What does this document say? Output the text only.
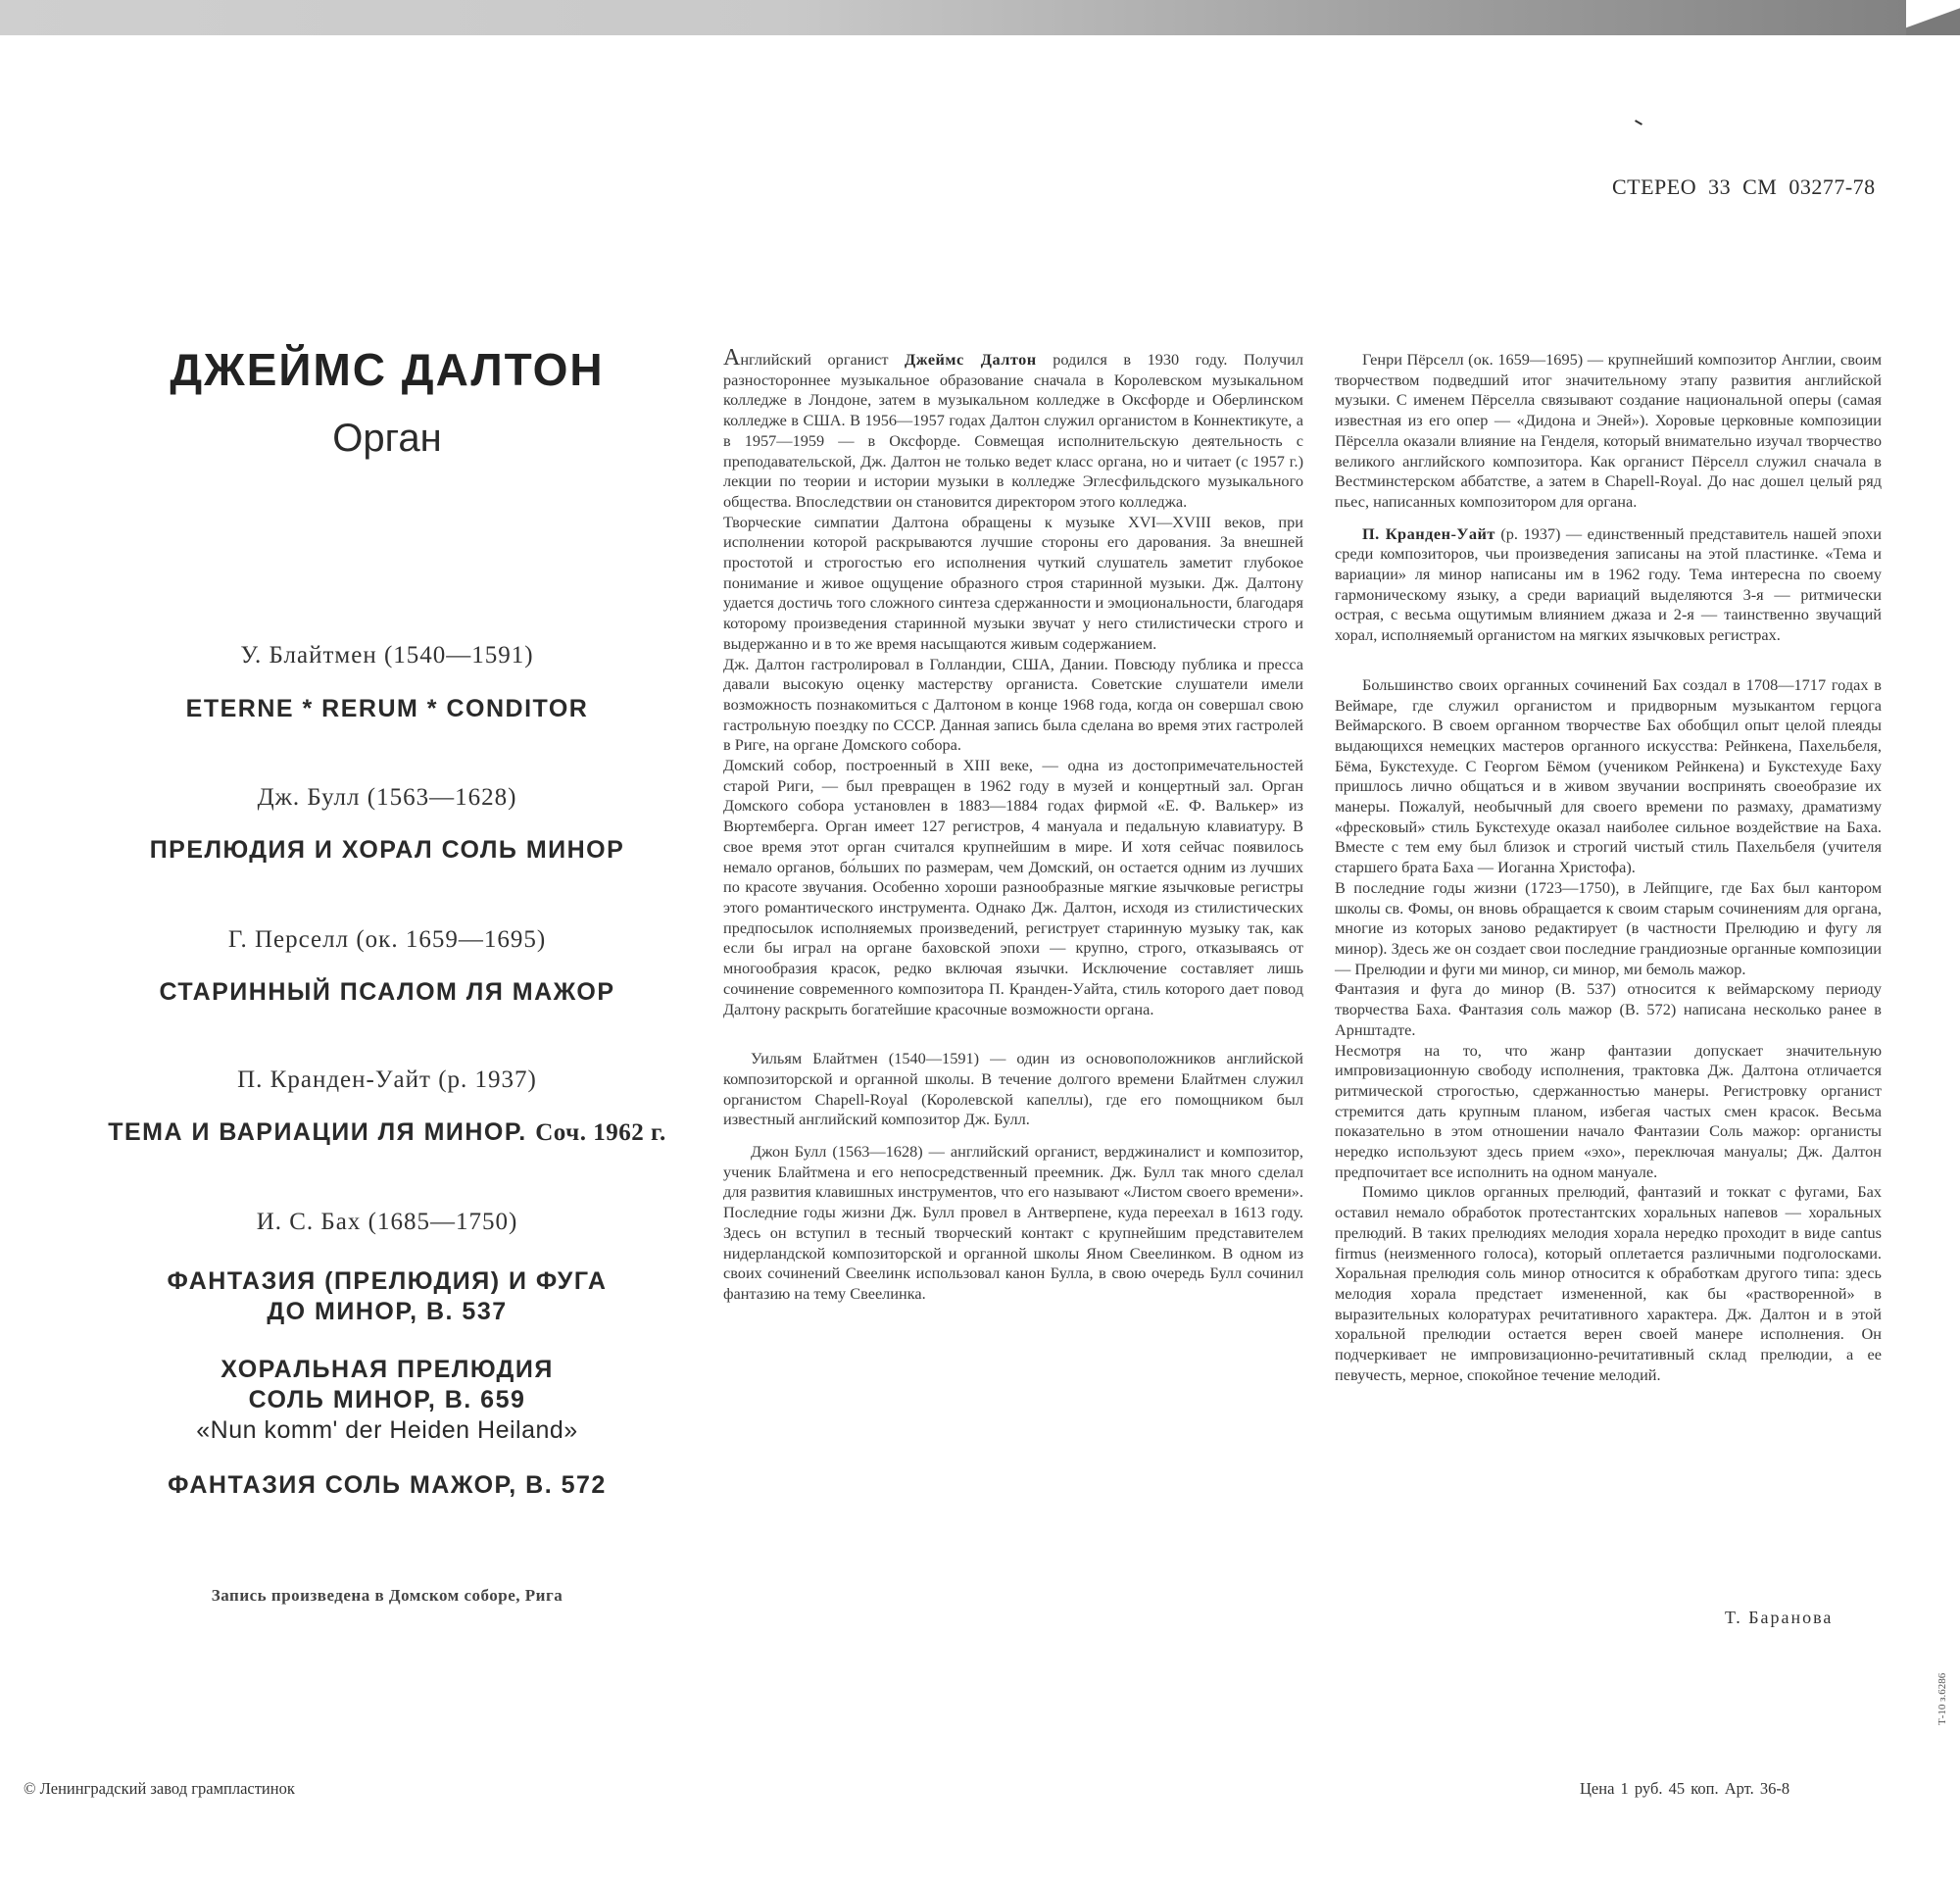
СТЕРЕО 33 СМ 03277-78
ДЖЕЙМС ДАЛТОН
Орган
У. Блайтмен (1540—1591)
ETERNE * RERUM * CONDITOR
Дж. Булл (1563—1628)
ПРЕЛЮДИЯ И ХОРАЛ СОЛЬ МИНОР
Г. Перселл (ок. 1659—1695)
СТАРИННЫЙ ПСАЛОМ ЛЯ МАЖОР
П. Кранден-Уайт (р. 1937)
ТЕМА И ВАРИАЦИИ ЛЯ МИНОР. Соч. 1962 г.
И. С. Бах (1685—1750)
ФАНТАЗИЯ (ПРЕЛЮДИЯ) И ФУГА
ДО МИНОР, В. 537
ХОРАЛЬНАЯ ПРЕЛЮДИЯ
СОЛЬ МИНОР, В. 659
«Nun komm' der Heiden Heiland»
ФАНТАЗИЯ СОЛЬ МАЖОР, В. 572
Запись произведена в Домском соборе, Рига

Английский органист Джеймс Далтон родился в 1930 году. Получил разностороннее музыкальное образование сначала в Королевском музыкальном колледже в Лондоне, затем в музыкальном колледже в Оксфорде и Оберлинском колледже в США. В 1956—1957 годах Далтон служил органистом в Коннектикуте, а в 1957—1959 — в Оксфорде. Совмещая исполнительскую деятельность с преподавательской, Дж. Далтон не только ведет класс органа, но и читает (с 1957 г.) лекции по теории и истории музыки в колледже Эглесфильдского музыкального общества. Впоследствии он становится директором этого колледжа.

Творческие симпатии Далтона обращены к музыке XVI—XVIII веков, при исполнении которой раскрываются лучшие стороны его дарования. За внешней простотой и строгостью его исполнения чуткий слушатель заметит глубокое понимание и живое ощущение образного строя старинной музыки. Дж. Далтону удается достичь того сложного синтеза сдержанности и эмоциональности, благодаря которому произведения старинной музыки звучат у него стилистически строго и выдержанно и в то же время насыщаются живым содержанием.

Дж. Далтон гастролировал в Голландии, США, Дании. Повсюду публика и пресса давали высокую оценку мастерству органиста. Советские слушатели имели возможность познакомиться с Далтоном в конце 1968 года, когда он совершал свою гастрольную поездку по СССР. Данная запись была сделана во время этих гастролей в Риге, на органе Домского собора.

Домский собор, построенный в XIII веке, — одна из достопримечательностей старой Риги, — был превращен в 1962 году в музей и концертный зал. Орган Домского собора установлен в 1883—1884 годах фирмой «Е. Ф. Валькер» из Вюртемберга. Орган имеет 127 регистров, 4 мануала и педальную клавиатуру. В свое время этот орган считался крупнейшим в мире. И хотя сейчас появилось немало органов, бо́льших по размерам, чем Домский, он остается одним из лучших по красоте звучания. Особенно хороши разнообразные мягкие язычковые регистры этого романтического инструмента. Однако Дж. Далтон, исходя из стилистических предпосылок исполняемых произведений, региструет старинную музыку так, как если бы играл на органе баховской эпохи — крупно, строго, отказываясь от многообразия красок, редко включая язычки. Исключение составляет лишь сочинение современного композитора П. Кранден-Уайта, стиль которого дает повод Далтону раскрыть богатейшие красочные возможности органа.

Уильям Блайтмен (1540—1591) — один из основоположников английской композиторской и органной школы. В течение долгого времени Блайтмен служил органистом Chapell-Royal (Королевской капеллы), где его помощником был известный английский композитор Дж. Булл.

Джон Булл (1563—1628) — английский органист, верджиналист и композитор, ученик Блайтмена и его непосредственный преемник. Дж. Булл так много сделал для развития клавишных инструментов, что его называют «Листом своего времени». Последние годы жизни Дж. Булл провел в Антверпене, куда переехал в 1613 году. Здесь он вступил в тесный творческий контакт с крупнейшим представителем нидерландской композиторской и органной школы Яном Свеелинком. В одном из своих сочинений Свеелинк использовал канон Булла, в свою очередь Булл сочинил фантазию на тему Свеелинка.

Генри Пёрселл (ок. 1659—1695) — крупнейший композитор Англии, своим творчеством подведший итог значительному этапу развития английской музыки. С именем Пёрселла связывают создание национальной оперы (самая известная из его опер — «Дидона и Эней»). Хоровые церковные композиции Пёрселла оказали влияние на Генделя, который внимательно изучал творчество великого английского композитора. Как органист Пёрселл служил сначала в Вестминстерском аббатстве, а затем в Chapell-Royal. До нас дошел целый ряд пьес, написанных композитором для органа.

П. Кранден-Уайт (р. 1937) — единственный представитель нашей эпохи среди композиторов, чьи произведения записаны на этой пластинке. «Тема и вариации» ля минор написаны им в 1962 году. Тема интересна по своему гармоническому языку, а среди вариаций выделяются 3-я — ритмически острая, с весьма ощутимым влиянием джаза и 2-я — таинственно звучащий хорал, исполняемый органистом на мягких язычковых регистрах.

Большинство своих органных сочинений Бах создал в 1708—1717 годах в Веймаре, где служил органистом и придворным музыкантом герцога Веймарского. В своем органном творчестве Бах обобщил опыт целой плеяды выдающихся немецких мастеров органного искусства: Рейнкена, Пахельбеля, Бёма, Букстехуде. С Георгом Бёмом (учеником Рейнкена) и Букстехуде Баху пришлось лично общаться и в живом звучании воспринять своеобразие их манеры. Пожалуй, необычный для своего времени по размаху, драматизму «фресковый» стиль Букстехуде оказал наиболее сильное воздействие на Баха. Вместе с тем ему был близок и строгий чистый стиль Пахельбеля (учителя старшего брата Баха — Иоганна Христофа).

В последние годы жизни (1723—1750), в Лейпциге, где Бах был кантором школы св. Фомы, он вновь обращается к своим старым сочинениям для органа, многие из которых заново редактирует (в частности Прелюдию и фугу ля минор). Здесь же он создает свои последние грандиозные органные композиции — Прелюдии и фуги ми минор, си минор, ми бемоль мажор.

Фантазия и фуга до минор (В. 537) относится к веймарскому периоду творчества Баха. Фантазия соль мажор (В. 572) написана несколько ранее в Арнштадте.

Несмотря на то, что жанр фантазии допускает значительную импровизационную свободу исполнения, трактовка Дж. Далтона отличается ритмической строгостью, сдержанностью манеры. Регистровку органист стремится дать крупным планом, избегая частых смен красок. Весьма показательно в этом отношении начало Фантазии Соль мажор: органисты нередко используют здесь прием «эхо», переключая мануалы; Дж. Далтон предпочитает все исполнить на одном мануале.

Помимо циклов органных прелюдий, фантазий и токкат с фугами, Бах оставил немало обработок протестантских хоральных напевов — хоральных прелюдий. В таких прелюдиях мелодия хорала нередко проходит в виде cantus firmus (неизменного голоса), который оплетается различными подголосками. Хоральная прелюдия соль минор относится к обработкам другого типа: здесь мелодия хорала предстает измененной, как бы «растворенной» в выразительных колоратурах речитативного характера. Дж. Далтон и в этой хоральной прелюдии остается верен своей манере исполнения. Он подчеркивает не импровизационно-речитативный склад прелюдии, а ее певучесть, мерное, спокойное течение мелодий.

Т. Баранова
© Ленинградский завод грампластинок	Цена 1 руб. 45 коп. Арт. 36-8
Т-10 з.6286
